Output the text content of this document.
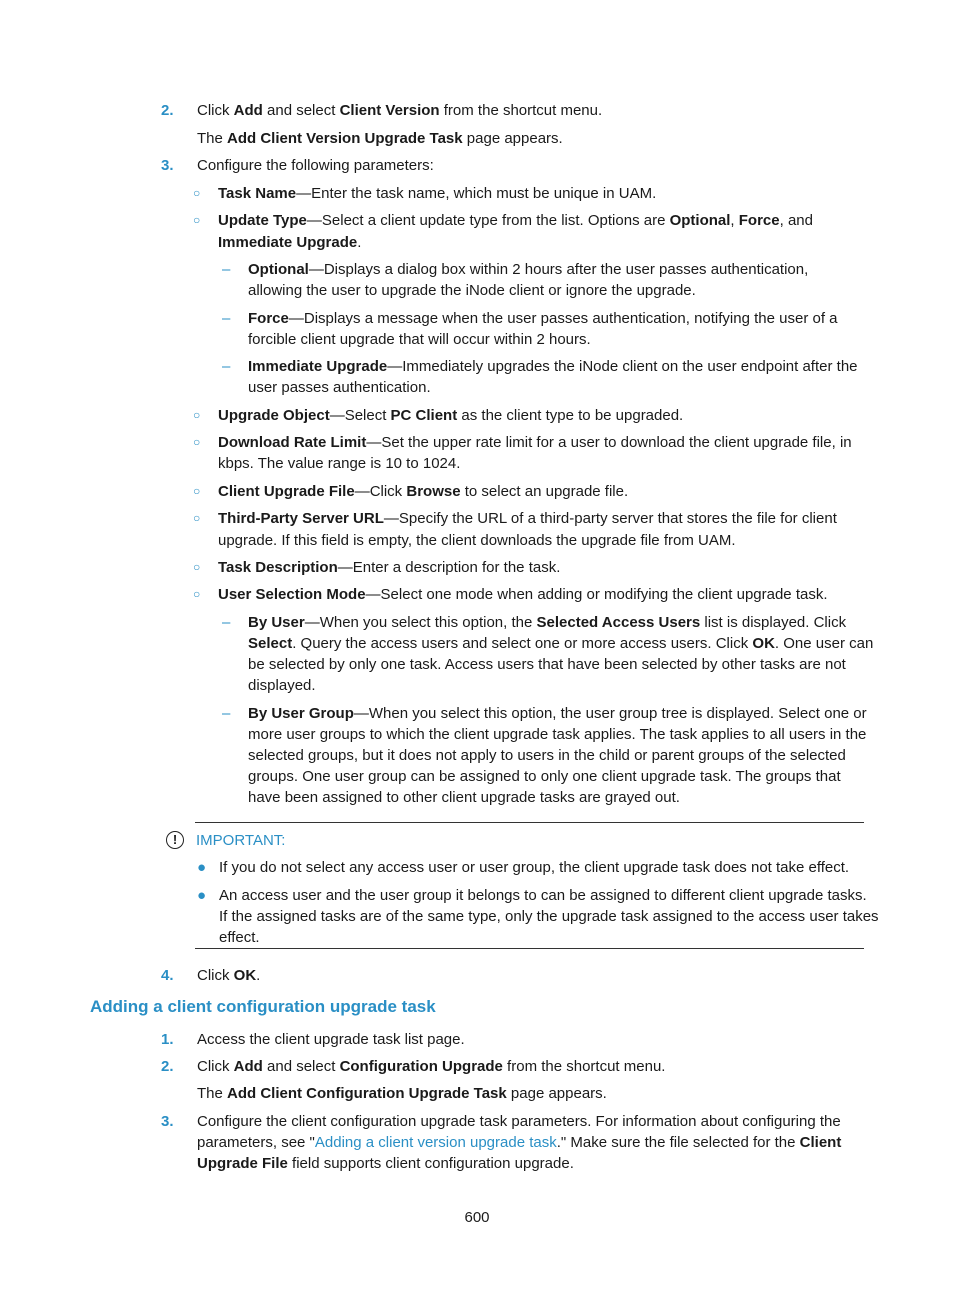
2. Click Add and select Client Version from the shortcut menu.
The Add Client Version Upgrade Task page appears.
3. Configure the following parameters:
○ Task Name—Enter the task name, which must be unique in UAM.
○ Update Type—Select a client update type from the list. Options are Optional, Force, and
Immediate Upgrade.
– Optional—Displays a dialog box within 2 hours after the user passes authentication,
allowing the user to upgrade the iNode client or ignore the upgrade.
– Force—Displays a message when the user passes authentication, notifying the user of a
forcible client upgrade that will occur within 2 hours.
– Immediate Upgrade—Immediately upgrades the iNode client on the user endpoint after the
user passes authentication.
○ Upgrade Object—Select PC Client as the client type to be upgraded.
○ Download Rate Limit—Set the upper rate limit for a user to download the client upgrade file, in
kbps. The value range is 10 to 1024.
○ Client Upgrade File—Click Browse to select an upgrade file.
○ Third-Party Server URL—Specify the URL of a third-party server that stores the file for client
upgrade. If this field is empty, the client downloads the upgrade file from UAM.
○ Task Description—Enter a description for the task.
○ User Selection Mode—Select one mode when adding or modifying the client upgrade task.
– By User—When you select this option, the Selected Access Users list is displayed. Click
Select. Query the access users and select one or more access users. Click OK. One user can
be selected by only one task. Access users that have been selected by other tasks are not
displayed.
– By User Group—When you select this option, the user group tree is displayed. Select one or
more user groups to which the client upgrade task applies. The task applies to all users in the
selected groups, but it does not apply to users in the child or parent groups of the selected
groups. One user group can be assigned to only one client upgrade task. The groups that
have been assigned to other client upgrade tasks are grayed out.
!	IMPORTANT:
● If you do not select any access user or user group, the client upgrade task does not take effect.
● An access user and the user group it belongs to can be assigned to different client upgrade tasks.
If the assigned tasks are of the same type, only the upgrade task assigned to the access user takes
effect.
4. Click OK.
Adding a client configuration upgrade task
1. Access the client upgrade task list page.
2. Click Add and select Configuration Upgrade from the shortcut menu.
The Add Client Configuration Upgrade Task page appears.
3. Configure the client configuration upgrade task parameters. For information about configuring the
parameters, see "Adding a client version upgrade task." Make sure the file selected for the Client
Upgrade File field supports client configuration upgrade.
600
